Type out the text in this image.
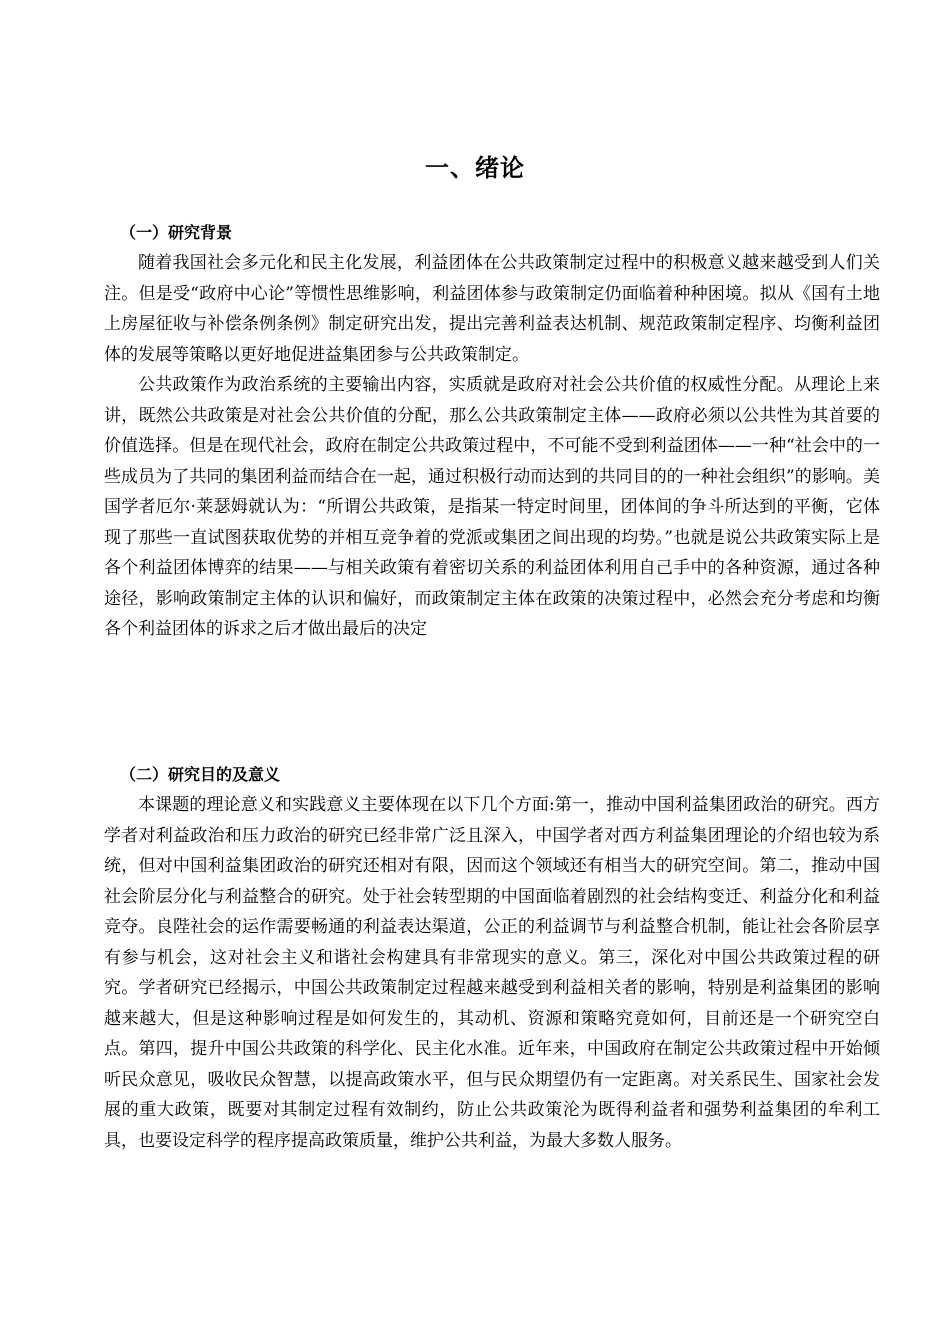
一、绪论
（一）研究背景

随着我国社会多元化和民主化发展，利益团体在公共政策制定过程中的积极意义越来越受到人们关注。但是受“政府中心论”等惯性思维影响，利益团体参与政策制定仍面临着种种困境。拟从《国有土地上房屋征收与补偿条例条例》制定研究出发，提出完善利益表达机制、规范政策制定程序、均衡利益团体的发展等策略以更好地促进益集团参与公共政策制定。

公共政策作为政治系统的主要输出内容，实质就是政府对社会公共价值的权威性分配。从理论上来讲，既然公共政策是对社会公共价值的分配，那么公共政策制定主体——政府必须以公共性为其首要的价值选择。但是在现代社会，政府在制定公共政策过程中，不可能不受到利益团体——一种“社会中的一些成员为了共同的集团利益而结合在一起，通过积极行动而达到的共同目的的一种社会组织”的影响。美国学者厄尔·莱瑟姆就认为：“所谓公共政策，是指某一特定时间里，团体间的争斗所达到的平衡，它体现了那些一直试图获取优势的并相互竞争着的党派或集团之间出现的均势。”也就是说公共政策实际上是各个利益团体博弈的结果——与相关政策有着密切关系的利益团体利用自己手中的各种资源，通过各种途径，影响政策制定主体的认识和偏好，而政策制定主体在政策的决策过程中，必然会充分考虑和均衡各个利益团体的诉求之后才做出最后的决定

（二）研究目的及意义

本课题的理论意义和实践意义主要体现在以下几个方面:第一，推动中国利益集团政治的研究。西方学者对利益政治和压力政治的研究已经非常广泛且深入，中国学者对西方利益集团理论的介绍也较为系统，但对中国利益集团政治的研究还相对有限，因而这个领域还有相当大的研究空间。第二，推动中国社会阶层分化与利益整合的研究。处于社会转型期的中国面临着剧烈的社会结构变迁、利益分化和利益竞夺。良陛社会的运作需要畅通的利益表达渠道，公正的利益调节与利益整合机制，能让社会各阶层享有参与机会，这对社会主义和谐社会构建具有非常现实的意义。第三，深化对中国公共政策过程的研究。学者研究已经揭示，中国公共政策制定过程越来越受到利益相关者的影响，特别是利益集团的影响越来越大，但是这种影响过程是如何发生的，其动机、资源和策略究竟如何，目前还是一个研究空白点。第四，提升中国公共政策的科学化、民主化水准。近年来，中国政府在制定公共政策过程中开始倾听民众意见，吸收民众智慧，以提高政策水平，但与民众期望仍有一定距离。对关系民生、国家社会发展的重大政策，既要对其制定过程有效制约，防止公共政策沦为既得利益者和强势利益集团的牟利工具，也要设定科学的程序提高政策质量，维护公共利益，为最大多数人服务。
